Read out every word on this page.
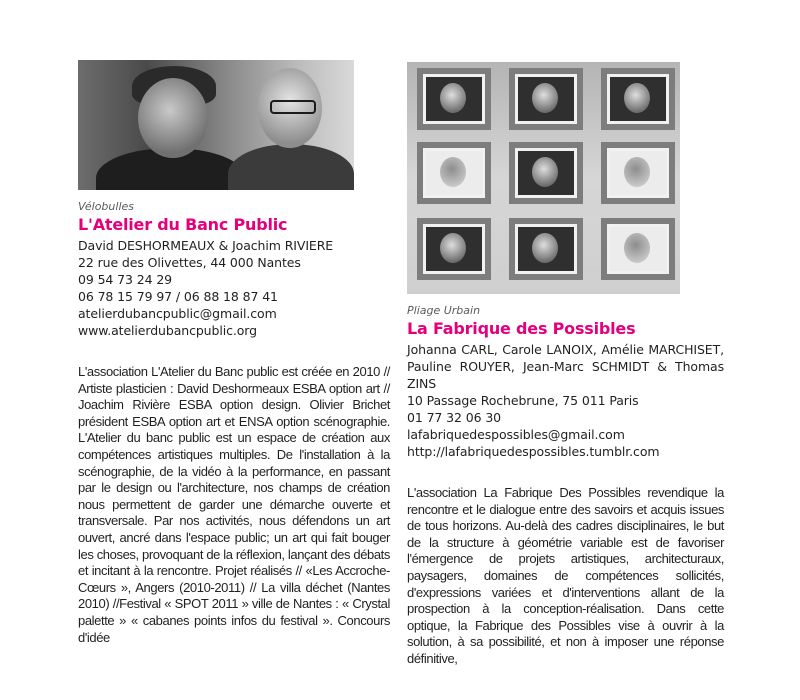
Vélobulles
L'Atelier du Banc Public
David DESHORMEAUX & Joachim RIVIERE
22 rue des Olivettes, 44 000 Nantes
09 54 73 24 29
06 78 15 79 97 / 06 88 18 87 41
atelierdubancpublic@gmail.com
www.atelierdubancpublic.org
L'association L'Atelier du Banc public est créée en 2010 // Artiste plasticien : David Deshormeaux ESBA option art // Joachim Rivière ESBA option design. Olivier Brichet président ESBA option art et ENSA option scénographie. L'Atelier du banc public est un espace de création aux compétences artistiques multiples. De l'installation à la scénographie, de la vidéo à la performance, en passant par le design ou l'architecture, nos champs de création nous permettent de garder une démarche ouverte et transversale. Par nos activités, nous défendons un art ouvert, ancré dans l'espace public; un art qui fait bouger les choses, provoquant de la réflexion, lançant des débats et incitant à la rencontre. Projet réalisés // «Les Accroche-Cœurs », Angers (2010-2011) // La villa déchet (Nantes 2010) //Festival « SPOT 2011 » ville de Nantes : « Crystal palette » « cabanes points infos du festival ». Concours d'idée
Pliage Urbain
La Fabrique des Possibles
Johanna CARL, Carole LANOIX, Amélie MARCHISET, Pauline ROUYER, Jean-Marc SCHMIDT & Thomas ZINS
10 Passage Rochebrune, 75 011 Paris
01 77 32 06 30
lafabriquedespossibles@gmail.com
http://lafabriquedespossibles.tumblr.com
L'association La Fabrique Des Possibles revendique la rencontre et le dialogue entre des savoirs et acquis issues de tous horizons. Au-delà des cadres disciplinaires, le but de la structure à géométrie variable est de favoriser l'émergence de projets artistiques, architecturaux, paysagers, domaines de compétences sollicités, d'expressions variées et d'interventions allant de la prospection à la conception-réalisation. Dans cette optique, la Fabrique des Possibles vise à ouvrir à la solution, à sa possibilité, et non à imposer une réponse définitive,
